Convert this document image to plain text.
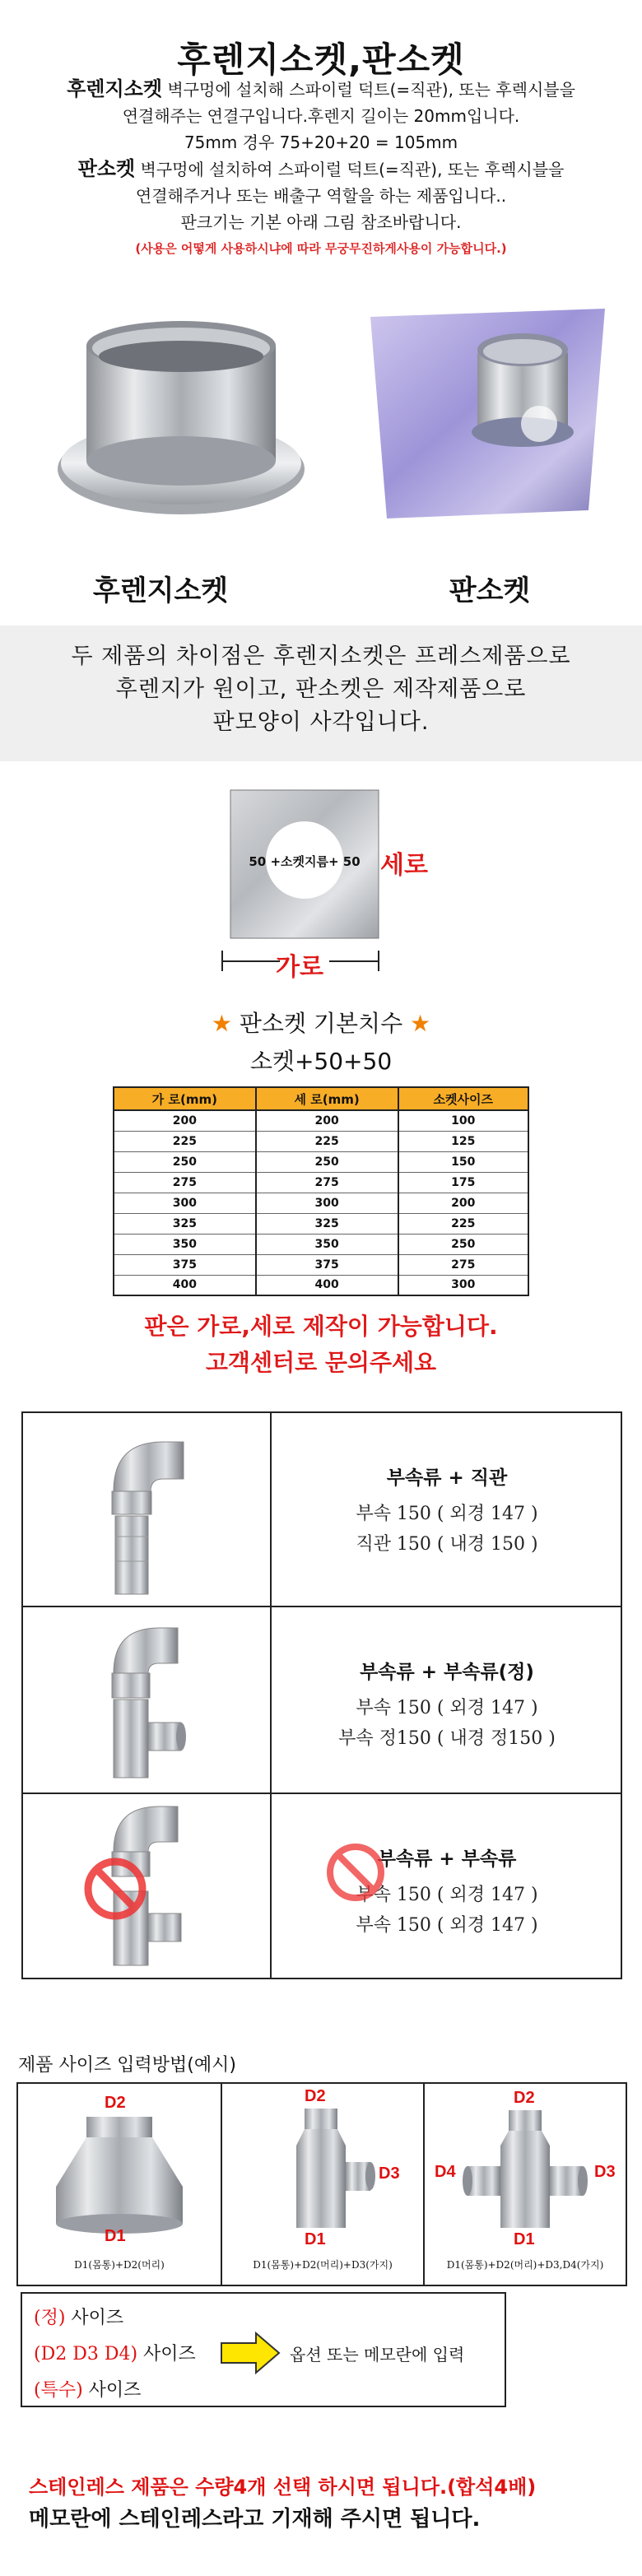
후렌지소켓,판소켓
후렌지소켓 벽구멍에 설치해 스파이럴 덕트(=직관), 또는 후렉시블을
연결해주는 연결구입니다.후렌지 길이는 20mm입니다.
75mm 경우 75+20+20 = 105mm
판소켓 벽구멍에 설치하여 스파이럴 덕트(=직관), 또는 후렉시블을
연결해주거나 또는 배출구 역할을 하는 제품입니다..
판크기는 기본 아래 그림 참조바랍니다.
(사용은 어떻게 사용하시냐에 따라 무궁무진하게사용이 가능합니다.)
후렌지소켓	판소켓

두 제품의 차이점은 후렌지소켓은 프레스제품으로
후렌지가 원이고, 판소켓은 제작제품으로
판모양이 사각입니다.

50 +소켓지름+ 50 세로
가로
★ 판소켓 기본치수 ★
소켓+50+50
가 로(mm)	세 로(mm)	소켓사이즈
200	200	100
225	225	125
250	250	150
275	275	175
300	300	200
325	325	225
350	350	250
375	375	275
400	400	300
판은 가로,세로 제작이 가능합니다.
고객센터로 문의주세요
부속류 + 직관
부속 150 ( 외경 147 )
직관 150 ( 내경 150 )
부속류 + 부속류(정)
부속 150 ( 외경 147 )
부속 정150 ( 내경 정150 )
부속류 + 부속류
부속 150 ( 외경 147 )
부속 150 ( 외경 147 )
제품 사이즈 입력방법(예시)
D2
D1
D1(몸통)+D2(머리)
D2
D3
D1
D1(몸통)+D2(머리)+D3(가지)
D2
D4	D3
D1
D1(몸통)+D2(머리)+D3,D4(가지)
(정) 사이즈
(D2 D3 D4) 사이즈
(특수) 사이즈
옵션 또는 메모란에 입력
스테인레스 제품은 수량4개 선택 하시면 됩니다.(합석4배)
메모란에 스테인레스라고 기재해 주시면 됩니다.
